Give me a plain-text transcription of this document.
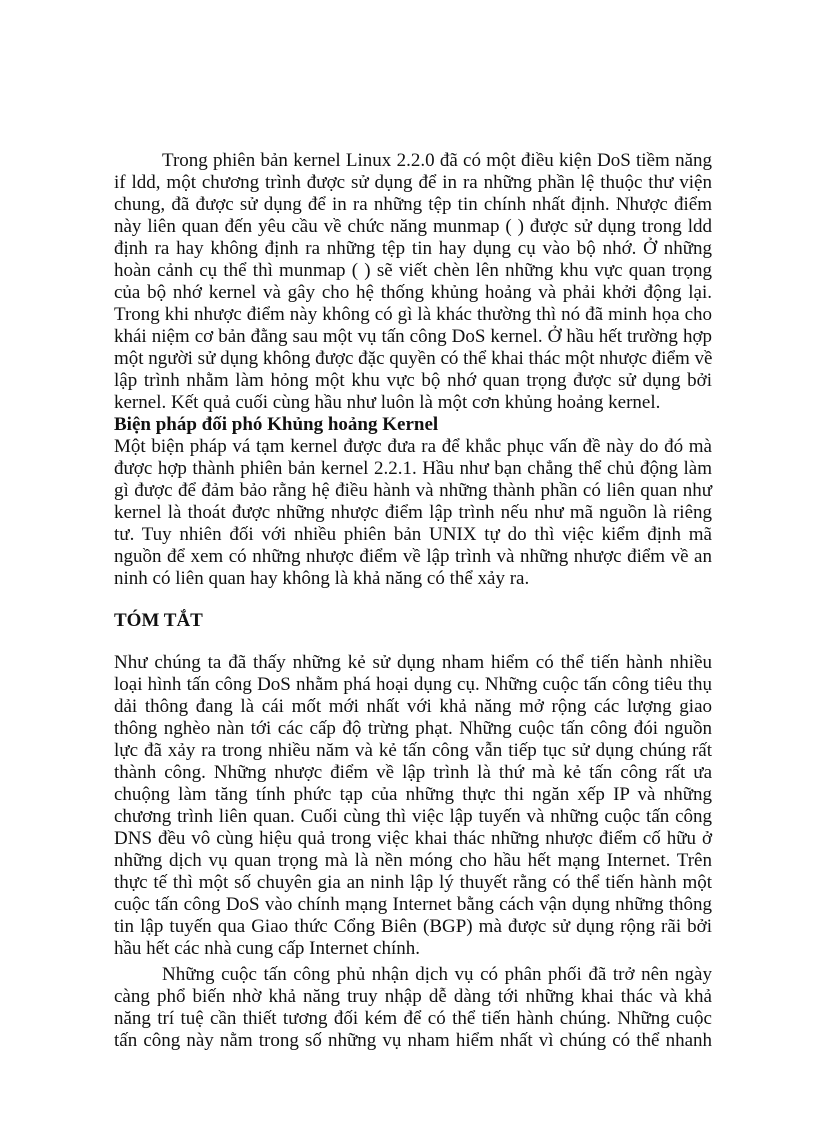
Trong phiên bản kernel Linux 2.2.0 đã có một điều kiện DoS tiềm năng
if ldd, một chương trình được sử dụng để in ra những phần lệ thuộc thư viện
chung, đã được sử dụng để in ra những tệp tin chính nhất định. Nhược điểm
này liên quan đến yêu cầu về chức năng munmap ( ) được sử dụng trong ldd
định ra hay không định ra những tệp tin hay dụng cụ vào bộ nhớ. Ở những
hoàn cảnh cụ thể thì munmap ( ) sẽ viết chèn lên những khu vực quan trọng
của bộ nhớ kernel và gây cho hệ thống khủng hoảng và phải khởi động lại.
Trong khi nhược điểm này không có gì là khác thường thì nó đã minh họa cho
khái niệm cơ bản đằng sau một vụ tấn công DoS kernel. Ở hầu hết trường hợp
một người sử dụng không được đặc quyền có thể khai thác một nhược điểm về
lập trình nhằm làm hỏng một khu vực bộ nhớ quan trọng được sử dụng bởi
kernel. Kết quả cuối cùng hầu như luôn là một cơn khủng hoảng kernel.
Biện pháp đối phó Khủng hoảng Kernel
Một biện pháp vá tạm kernel được đưa ra để khắc phục vấn đề này do đó mà
được hợp thành phiên bản kernel 2.2.1. Hầu như bạn chẳng thể chủ động làm
gì được để đảm bảo rằng hệ điều hành và những thành phần có liên quan như
kernel là thoát được những nhược điểm lập trình nếu như mã nguồn là riêng
tư. Tuy nhiên đối với nhiều phiên bản UNIX tự do thì việc kiểm định mã
nguồn để xem có những nhược điểm về lập trình và những nhược điểm về an
ninh có liên quan hay không là khả năng có thể xảy ra.
TÓM TẮT
Như chúng ta đã thấy những kẻ sử dụng nham hiểm có thể tiến hành nhiều
loại hình tấn công DoS nhằm phá hoại dụng cụ. Những cuộc tấn công tiêu thụ
dải thông đang là cái mốt mới nhất với khả năng mở rộng các lượng giao
thông nghèo nàn tới các cấp độ trừng phạt. Những cuộc tấn công đói nguồn
lực đã xảy ra trong nhiều năm và kẻ tấn công vẫn tiếp tục sử dụng chúng rất
thành công. Những nhược điểm về lập trình là thứ mà kẻ tấn công rất ưa
chuộng làm tăng tính phức tạp của những thực thi ngăn xếp IP và những
chương trình liên quan. Cuối cùng thì việc lập tuyến và những cuộc tấn công
DNS đều vô cùng hiệu quả trong việc khai thác những nhược điểm cố hữu ở
những dịch vụ quan trọng mà là nền móng cho hầu hết mạng Internet. Trên
thực tế thì một số chuyên gia an ninh lập lý thuyết rằng có thể tiến hành một
cuộc tấn công DoS vào chính mạng Internet bằng cách vận dụng những thông
tin lập tuyến qua Giao thức Cổng Biên (BGP) mà được sử dụng rộng rãi bởi
hầu hết các nhà cung cấp Internet chính.
Những cuộc tấn công phủ nhận dịch vụ có phân phối đã trở nên ngày
càng phổ biến nhờ khả năng truy nhập dễ dàng tới những khai thác và khả
năng trí tuệ cần thiết tương đối kém để có thể tiến hành chúng. Những cuộc
tấn công này nằm trong số những vụ nham hiểm nhất vì chúng có thể nhanh
